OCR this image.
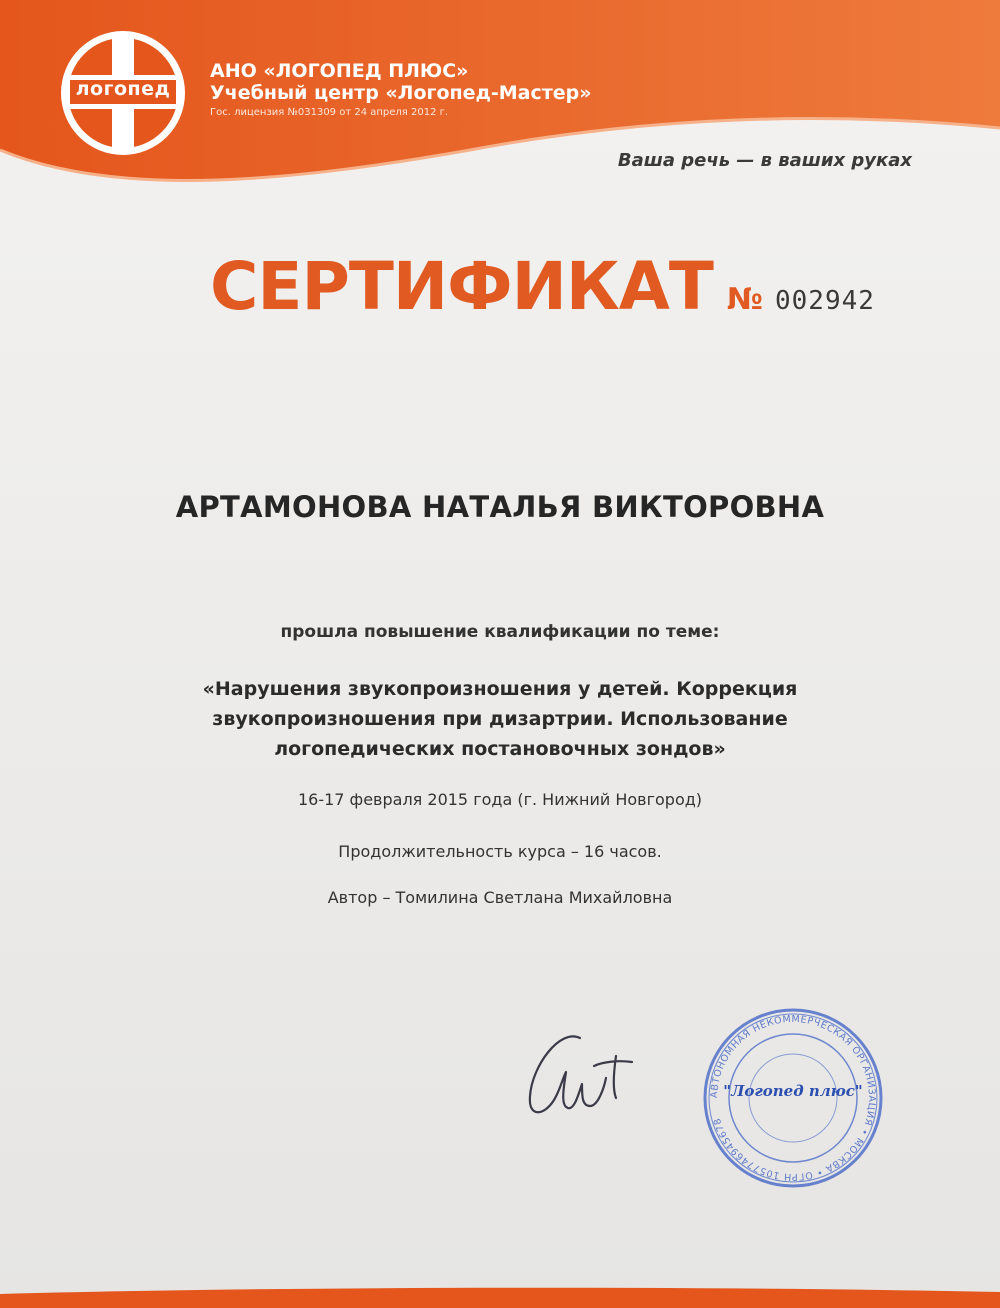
логопед
АНО «ЛОГОПЕД ПЛЮС»
Учебный центр «Логопед-Мастер»
Гос. лицензия №031309 от 24 апреля 2012 г.
Ваша речь — в ваших руках
СЕРТИФИКАТ № 002942
АРТАМОНОВА НАТАЛЬЯ ВИКТОРОВНА
прошла повышение квалификации по теме:
«Нарушения звукопроизношения у детей. Коррекция
звукопроизношения при дизартрии. Использование
логопедических постановочных зондов»
16-17 февраля 2015 года (г. Нижний Новгород)
Продолжительность курса – 16 часов.
Автор – Томилина Светлана Михайловна
АВТОНОМНАЯ НЕКОММЕРЧЕСКАЯ ОРГАНИЗАЦИЯ • МОСКВА • ОГРН 1057746945678
"Логопед плюс"
